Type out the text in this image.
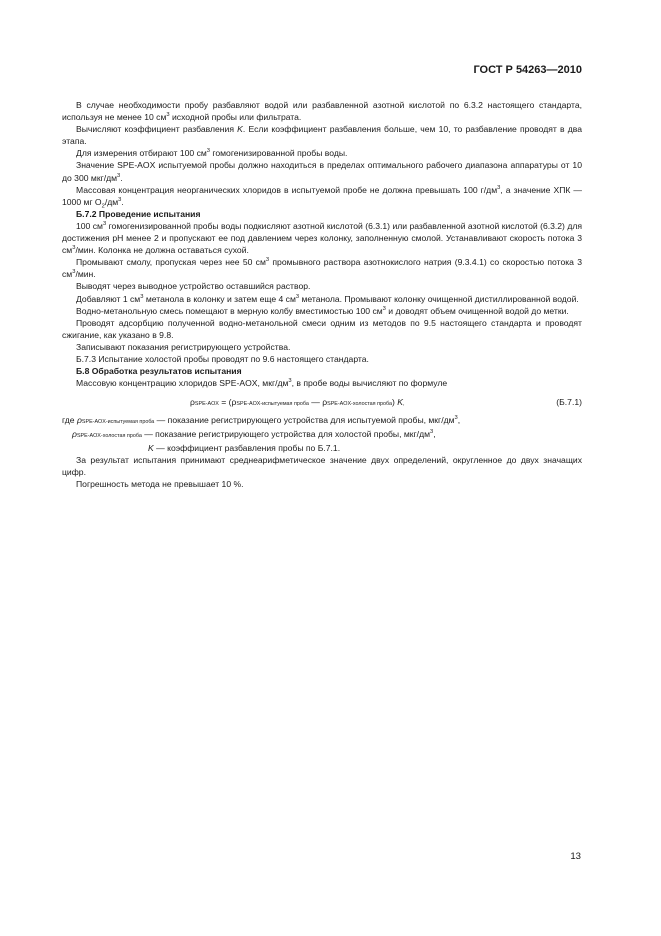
ГОСТ Р 54263—2010

В случае необходимости пробу разбавляют водой или разбавленной азотной кислотой по 6.3.2 настоящего стандарта, используя не менее 10 $см^3$ исходной пробы или фильтрата.

Вычисляют коэффициент разбавления K. Если коэффициент разбавления больше, чем 10, то разбавление проводят в два этапа.

Для измерения отбирают 100 $см^3$ гомогенизированной пробы воды.

Значение SPE-AOX испытуемой пробы должно находиться в пределах оптимального рабочего диапазона аппаратуры от 10 до 300 мкг/$дм^3$.

Массовая концентрация неорганических хлоридов в испытуемой пробе не должна превышать 100 $г/дм^3$, а значение ХПК — 1000 мг $О_2/дм^3$.

Б.7.2 Проведение испытания

100 $см^3$ гомогенизированной пробы воды подкисляют азотной кислотой (6.3.1) или разбавленной азотной кислотой (6.3.2) для достижения pH менее 2 и пропускают ее под давлением через колонку, заполненную смолой. Устанавливают скорость потока 3 $см^3$/мин. Колонка не должна оставаться сухой.

Промывают смолу, пропуская через нее 50 $см^3$ промывного раствора азотнокислого натрия (9.3.4.1) со скоростью потока 3 $см^3$/мин.

Выводят через выводное устройство оставшийся раствор.

Добавляют 1 $см^3$ метанола в колонку и затем еще 4 $см^3$ метанола. Промывают колонку очищенной дистиллированной водой.

Водно-метанольную смесь помещают в мерную колбу вместимостью 100 $см^3$ и доводят объем очищенной водой до метки.

Проводят адсорбцию полученной водно-метанольной смеси одним из методов по 9.5 настоящего стандарта и проводят сжигание, как указано в 9.8.

Записывают показания регистрирующего устройства.

Б.7.3 Испытание холостой пробы проводят по 9.6 настоящего стандарта.

Б.8 Обработка результатов испытания

Массовую концентрацию хлоридов SPE-AOX, мкг/$дм^3$, в пробе воды вычисляют по формуле

ρSPE-AOX = (ρSPE-AOX-испытуемая проба — ρSPE-AOX-холостая проба) K,	(Б.7.1)

где ρSPE-AOX-испытуемая проба — показание регистрирующего устройства для испытуемой пробы, мкг/$дм^3$,

ρSPE-AOX-холостая проба — показание регистрирующего устройства для холостой пробы, мкг/$дм^3$,

K — коэффициент разбавления пробы по Б.7.1.

За результат испытания принимают среднеарифметическое значение двух определений, округленное до двух значащих цифр.

Погрешность метода не превышает 10 %.

13
